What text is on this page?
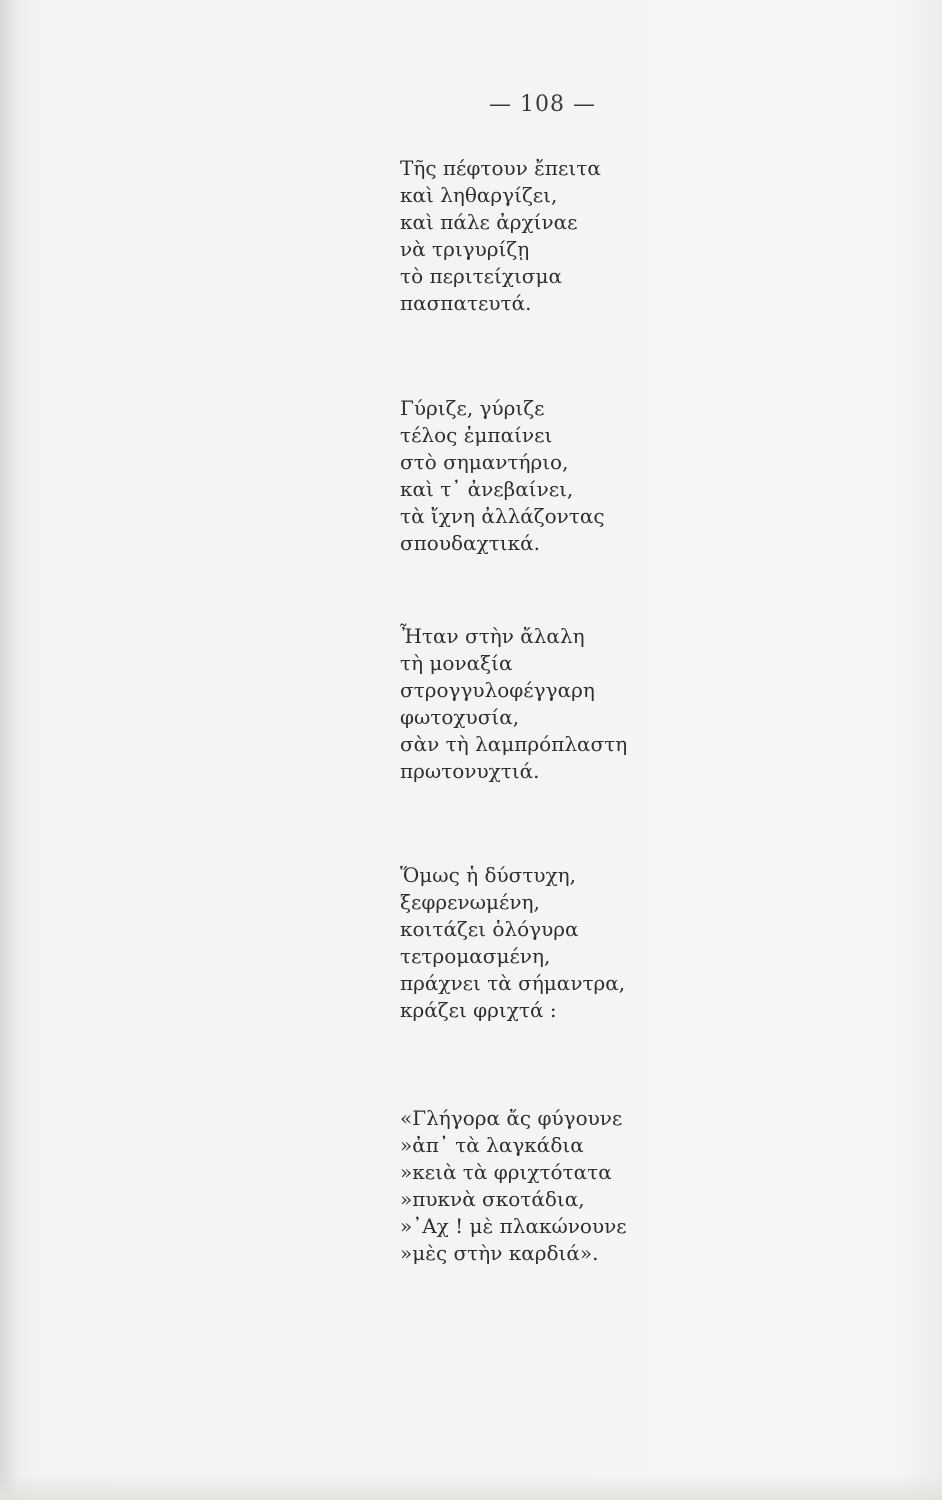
— 108 —
Τῆς πέφτουν ἔπειτα
καὶ ληθαργίζει,
καὶ πάλε ἀρχίναε
νὰ τριγυρίζῃ
τὸ περιτείχισμα
πασπατευτά.
Γύριζε, γύριζε
τέλος ἐμπαίνει
στὸ σημαντήριο,
καὶ τ᾿ ἀνεβαίνει,
τὰ ἴχνη ἀλλάζοντας
σπουδαχτικά.
Ἦταν στὴν ἄλαλη
τὴ μοναξία
στρογγυλοφέγγαρη
φωτοχυσία,
σὰν τὴ λαμπρόπλαστη
πρωτονυχτιά.
Ὅμως ἡ δύστυχη,
ξεφρενωμένη,
κοιτάζει ὁλόγυρα
τετρομασμένη,
πράχνει τὰ σήμαντρα,
κράζει φριχτά :
«Γλήγορα ἄς φύγουνε
»ἀπ᾿ τὰ λαγκάδια
»κειὰ τὰ φριχτότατα
»πυκνὰ σκοτάδια,
»᾿Αχ ! μὲ πλακώνουνε
»μὲς στὴν καρδιά».
